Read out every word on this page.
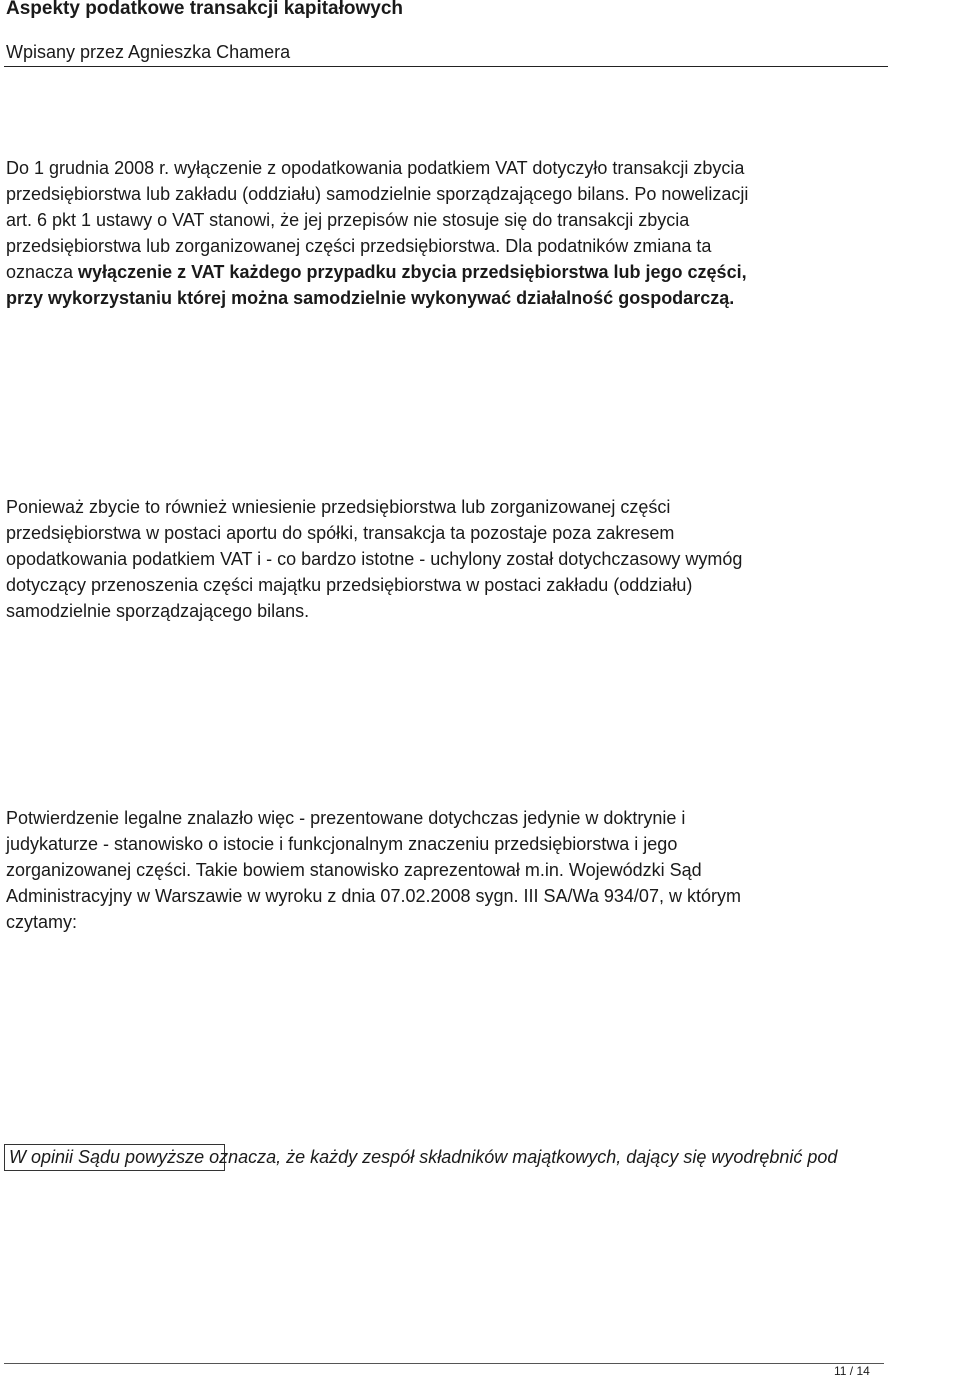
Aspekty podatkowe transakcji kapitałowych
Wpisany przez Agnieszka Chamera

Do 1 grudnia 2008 r. wyłączenie z opodatkowania podatkiem VAT dotyczyło transakcji zbycia
przedsiębiorstwa lub zakładu (oddziału) samodzielnie sporządzającego bilans. Po nowelizacji
art. 6 pkt 1 ustawy o VAT stanowi, że jej przepisów nie stosuje się do transakcji zbycia
przedsiębiorstwa lub zorganizowanej części przedsiębiorstwa. Dla podatników zmiana ta
oznacza wyłączenie z VAT każdego przypadku zbycia przedsiębiorstwa lub jego części,
przy wykorzystaniu której można samodzielnie wykonywać działalność gospodarczą.

Ponieważ zbycie to również wniesienie przedsiębiorstwa lub zorganizowanej części
przedsiębiorstwa w postaci aportu do spółki, transakcja ta pozostaje poza zakresem
opodatkowania podatkiem VAT i - co bardzo istotne - uchylony został dotychczasowy wymóg
dotyczący przenoszenia części majątku przedsiębiorstwa w postaci zakładu (oddziału)
samodzielnie sporządzającego bilans.

Potwierdzenie legalne znalazło więc - prezentowane dotychczas jedynie w doktrynie i
judykaturze - stanowisko o istocie i funkcjonalnym znaczeniu przedsiębiorstwa i jego
zorganizowanej części. Takie bowiem stanowisko zaprezentował m.in. Wojewódzki Sąd
Administracyjny w Warszawie w wyroku z dnia 07.02.2008 sygn. III SA/Wa 934/07, w którym
czytamy:

W opinii Sądu powyższe oznacza, że każdy zespół składników majątkowych, dający się wyodrębnić pod
11 / 14
